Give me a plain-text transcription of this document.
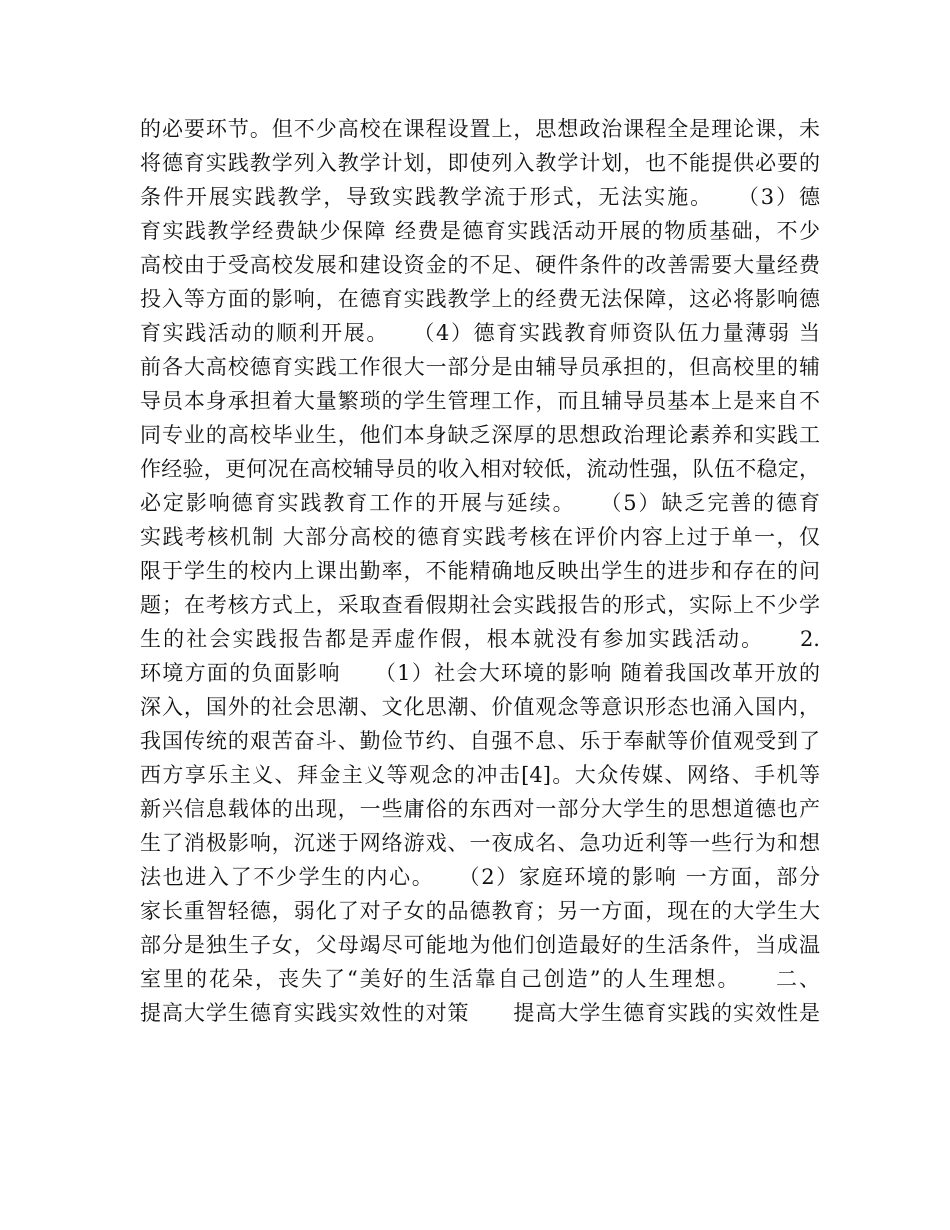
的必要环节。但不少高校在课程设置上，思想政治课程全是理论课，未
将德育实践教学列入教学计划，即使列入教学计划，也不能提供必要的
条件开展实践教学，导致实践教学流于形式，无法实施。　　（3）德
育实践教学经费缺少保障 经费是德育实践活动开展的物质基础，不少
高校由于受高校发展和建设资金的不足、硬件条件的改善需要大量经费
投入等方面的影响，在德育实践教学上的经费无法保障，这必将影响德
育实践活动的顺利开展。　　（4）德育实践教育师资队伍力量薄弱 当
前各大高校德育实践工作很大一部分是由辅导员承担的，但高校里的辅
导员本身承担着大量繁琐的学生管理工作，而且辅导员基本上是来自不
同专业的高校毕业生，他们本身缺乏深厚的思想政治理论素养和实践工
作经验，更何况在高校辅导员的收入相对较低，流动性强，队伍不稳定，
必定影响德育实践教育工作的开展与延续。　　（5）缺乏完善的德育
实践考核机制 大部分高校的德育实践考核在评价内容上过于单一，仅
限于学生的校内上课出勤率，不能精确地反映出学生的进步和存在的问
题；在考核方式上，采取查看假期社会实践报告的形式，实际上不少学
生的社会实践报告都是弄虚作假，根本就没有参加实践活动。　　2.
环境方面的负面影响　　（1）社会大环境的影响 随着我国改革开放的
深入，国外的社会思潮、文化思潮、价值观念等意识形态也涌入国内，
我国传统的艰苦奋斗、勤俭节约、自强不息、乐于奉献等价值观受到了
西方享乐主义、拜金主义等观念的冲击[4]。大众传媒、网络、手机等
新兴信息载体的出现，一些庸俗的东西对一部分大学生的思想道德也产
生了消极影响，沉迷于网络游戏、一夜成名、急功近利等一些行为和想
法也进入了不少学生的内心。　　（2）家庭环境的影响 一方面，部分
家长重智轻德，弱化了对子女的品德教育；另一方面，现在的大学生大
部分是独生子女，父母竭尽可能地为他们创造最好的生活条件，当成温
室里的花朵，丧失了“美好的生活靠自己创造”的人生理想。　　二、
提高大学生德育实践实效性的对策　　提高大学生德育实践的实效性是
